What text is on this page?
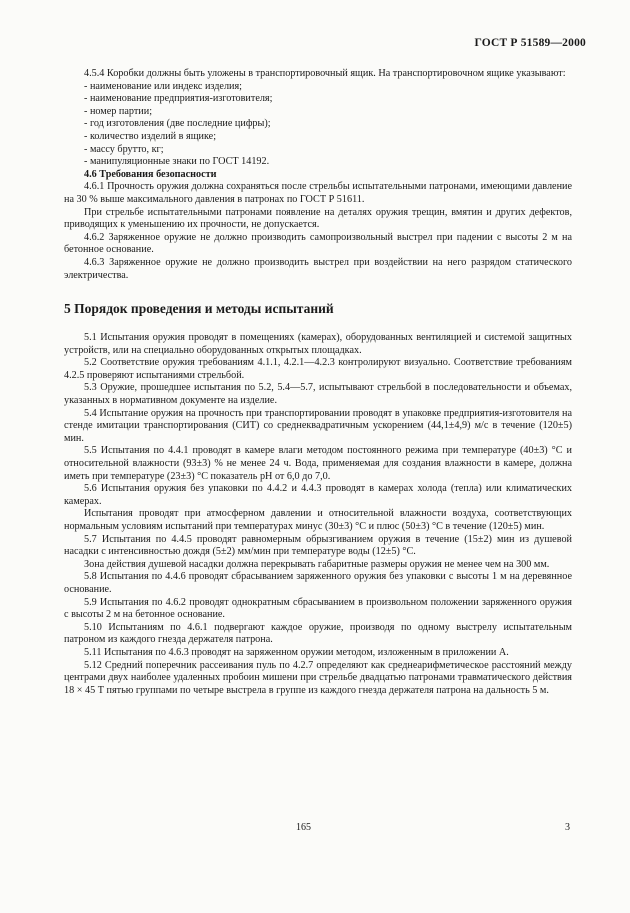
ГОСТ Р 51589—2000

4.5.4 Коробки должны быть уложены в транспортировочный ящик. На транспортировочном ящике указывают:

- наименование или индекс изделия;
- наименование предприятия-изготовителя;
- номер партии;
- год изготовления (две последние цифры);
- количество изделий в ящике;
- массу брутто, кг;
- манипуляционные знаки по ГОСТ 14192.

4.6 Требования безопасности

4.6.1 Прочность оружия должна сохраняться после стрельбы испытательными патронами, имеющими давление на 30 % выше максимального давления в патронах по ГОСТ Р 51611.

При стрельбе испытательными патронами появление на деталях оружия трещин, вмятин и других дефектов, приводящих к уменьшению их прочности, не допускается.

4.6.2 Заряженное оружие не должно производить самопроизвольный выстрел при падении с высоты 2 м на бетонное основание.

4.6.3 Заряженное оружие не должно производить выстрел при воздействии на него разрядом статического электричества.

5 Порядок проведения и методы испытаний

5.1 Испытания оружия проводят в помещениях (камерах), оборудованных вентиляцией и системой защитных устройств, или на специально оборудованных открытых площадках.

5.2 Соответствие оружия требованиям 4.1.1, 4.2.1—4.2.3 контролируют визуально. Соответствие требованиям 4.2.5 проверяют испытаниями стрельбой.

5.3 Оружие, прошедшее испытания по 5.2, 5.4—5.7, испытывают стрельбой в последовательности и объемах, указанных в нормативном документе на изделие.

5.4 Испытание оружия на прочность при транспортировании проводят в упаковке предприятия-изготовителя на стенде имитации транспортирования (СИТ) со среднеквадратичным ускорением (44,1±4,9) м/с в течение (120±5) мин.

5.5 Испытания по 4.4.1 проводят в камере влаги методом постоянного режима при температуре (40±3) °С и относительной влажности (93±3) % не менее 24 ч. Вода, применяемая для создания влажности в камере, должна иметь при температуре (23±3) °С показатель рН от 6,0 до 7,0.

5.6 Испытания оружия без упаковки по 4.4.2 и 4.4.3 проводят в камерах холода (тепла) или климатических камерах.

Испытания проводят при атмосферном давлении и относительной влажности воздуха, соответствующих нормальным условиям испытаний при температурах минус (30±3) °С и плюс (50±3) °С в течение (120±5) мин.

5.7 Испытания по 4.4.5 проводят равномерным обрызгиванием оружия в течение (15±2) мин из душевой насадки с интенсивностью дождя (5±2) мм/мин при температуре воды (12±5) °С.

Зона действия душевой насадки должна перекрывать габаритные размеры оружия не менее чем на 300 мм.

5.8 Испытания по 4.4.6 проводят сбрасыванием заряженного оружия без упаковки с высоты 1 м на деревянное основание.

5.9 Испытания по 4.6.2 проводят однократным сбрасыванием в произвольном положении заряженного оружия с высоты 2 м на бетонное основание.

5.10 Испытаниям по 4.6.1 подвергают каждое оружие, производя по одному выстрелу испытательным патроном из каждого гнезда держателя патрона.

5.11 Испытания по 4.6.3 проводят на заряженном оружии методом, изложенным в приложении А.

5.12 Средний поперечник рассеивания пуль по 4.2.7 определяют как среднеарифметическое расстояний между центрами двух наиболее удаленных пробоин мишени при стрельбе двадцатью патронами травматического действия 18 × 45 Т пятью группами по четыре выстрела в группе из каждого гнезда держателя патрона на дальность 5 м.

165	3
